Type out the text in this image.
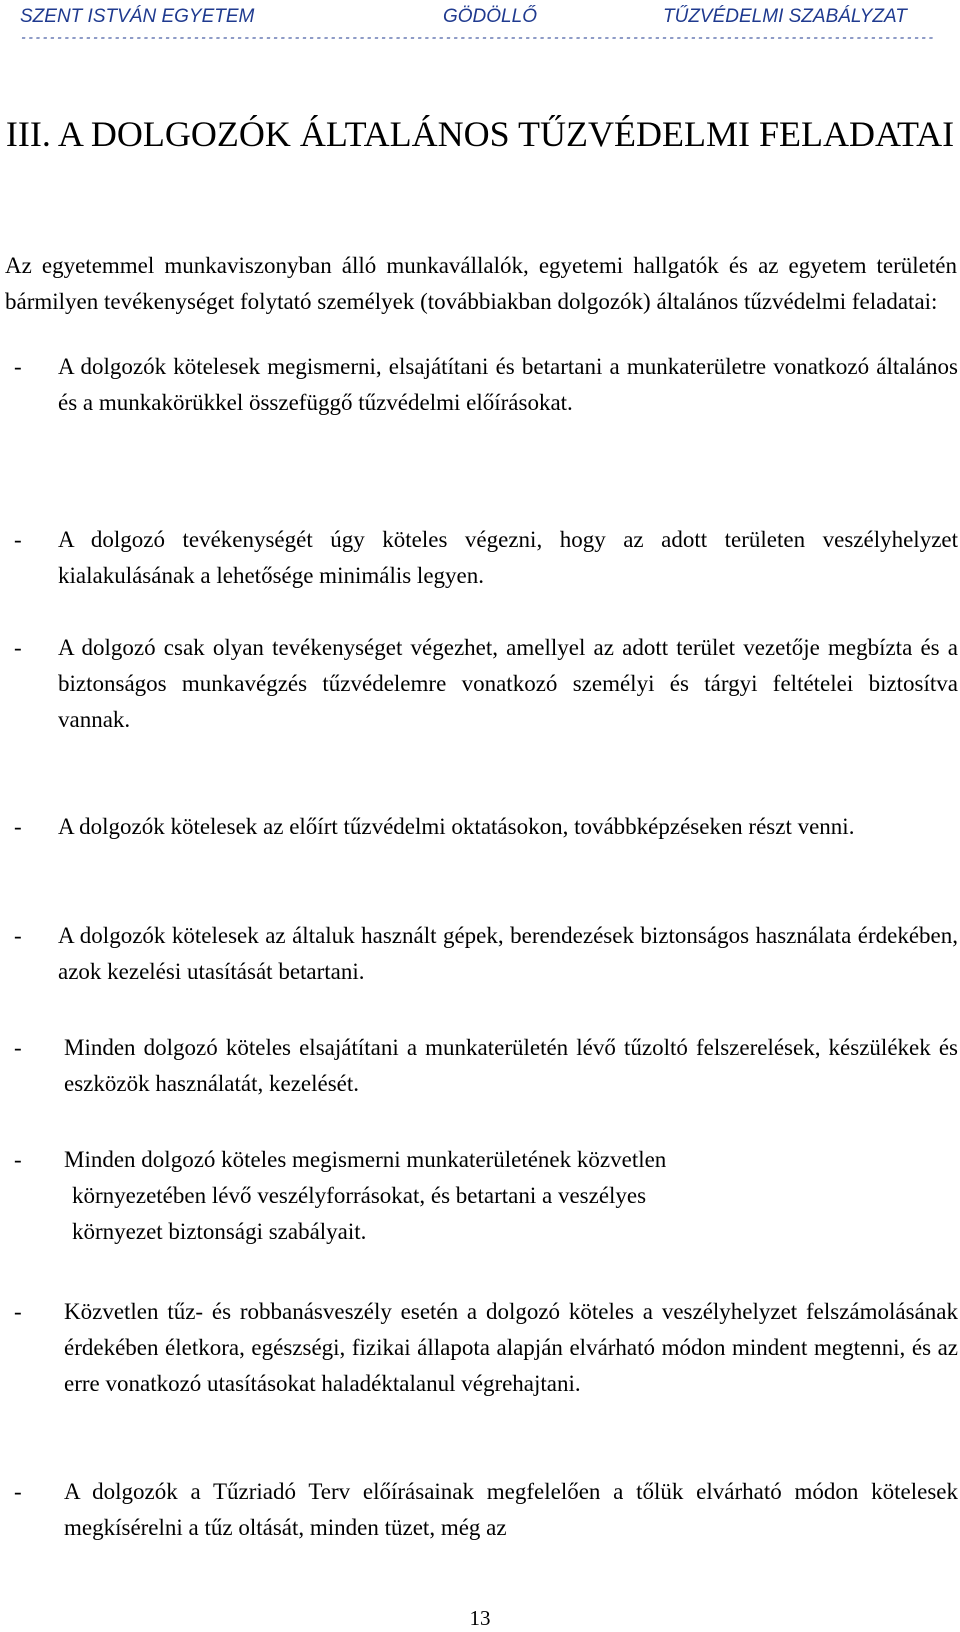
SZENT ISTVÁN EGYETEM	GÖDÖLLŐ	TŰZVÉDELMI SZABÁLYZAT
-------------------------------------------------------------------------------------------------------------------------------
III. A DOLGOZÓK ÁLTALÁNOS TŰZVÉDELMI FELADATAI

Az egyetemmel munkaviszonyban álló munkavállalók, egyetemi hallgatók és az egyetem területén bármilyen tevékenységet folytató személyek (továbbiakban dolgozók) általános tűzvédelmi feladatai:

- A dolgozók kötelesek megismerni, elsajátítani és betartani a munkaterületre vonatkozó általános és a munkakörükkel összefüggő tűzvédelmi előírásokat.
- A dolgozó tevékenységét úgy köteles végezni, hogy az adott területen veszélyhelyzet kialakulásának a lehetősége minimális legyen.
- A dolgozó csak olyan tevékenységet végezhet, amellyel az adott terület vezetője megbízta és a biztonságos munkavégzés tűzvédelemre vonatkozó személyi és tárgyi feltételei biztosítva vannak.
- A dolgozók kötelesek az előírt tűzvédelmi oktatásokon, továbbképzéseken részt venni.
- A dolgozók kötelesek az általuk használt gépek, berendezések biztonságos használata érdekében, azok kezelési utasítását betartani.
- Minden dolgozó köteles elsajátítani a munkaterületén lévő tűzoltó felszerelések, készülékek és eszközök használatát, kezelését.
- Minden dolgozó köteles megismerni munkaterületének közvetlen
környezetében lévő veszélyforrásokat, és betartani a veszélyes
környezet biztonsági szabályait.
- Közvetlen tűz- és robbanásveszély esetén a dolgozó köteles a veszélyhelyzet felszámolásának érdekében életkora, egészségi, fizikai állapota alapján elvárható módon mindent megtenni, és az erre vonatkozó utasításokat haladéktalanul végrehajtani.
- A dolgozók a Tűzriadó Terv előírásainak megfelelően a tőlük elvárható módon kötelesek megkísérelni a tűz oltását, minden tüzet, még az
13
